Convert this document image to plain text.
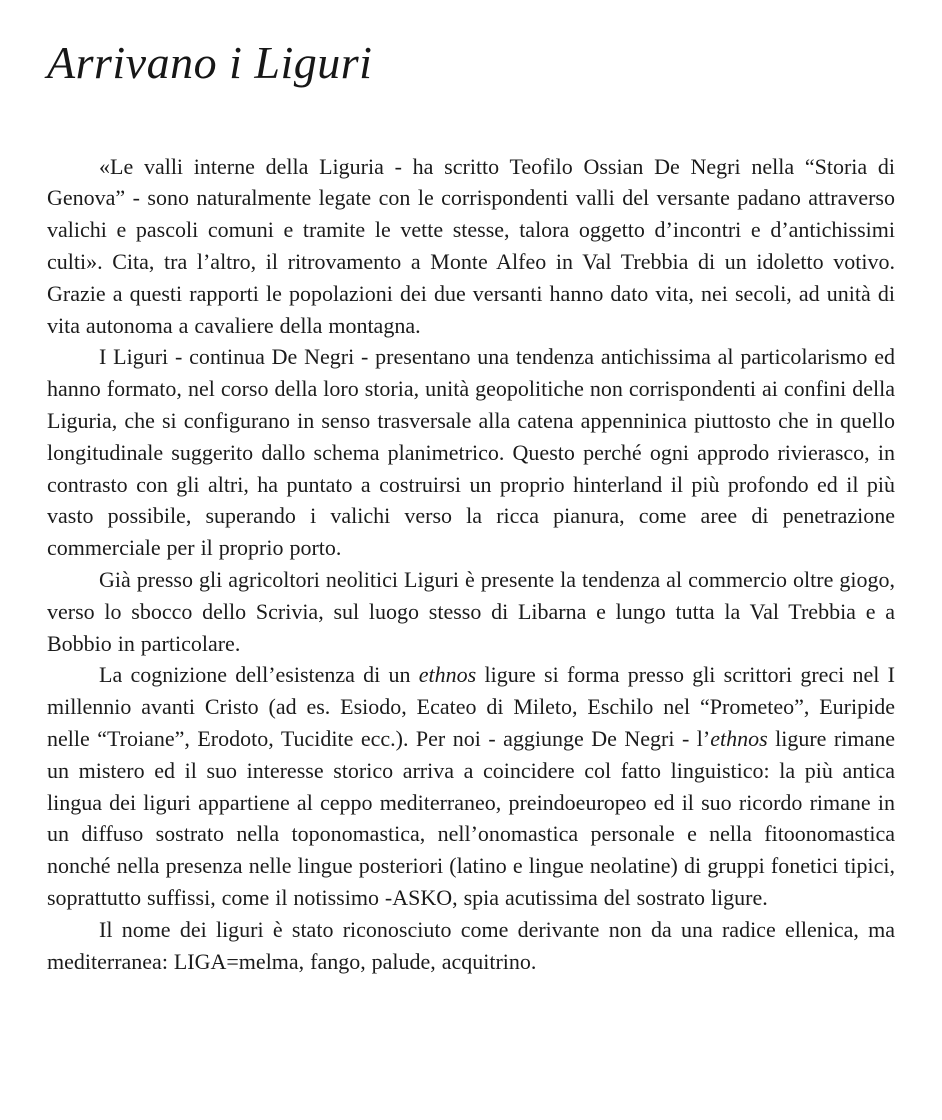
Arrivano i Liguri

«Le valli interne della Liguria - ha scritto Teofilo Ossian De Negri nella “Storia di Genova” - sono naturalmente legate con le corrispondenti valli del versante padano attraverso valichi e pascoli comuni e tramite le vette stesse, talora oggetto d’incontri e d’antichissimi culti». Cita, tra l’altro, il ritrovamento a Monte Alfeo in Val Trebbia di un idoletto votivo. Grazie a questi rapporti le popolazioni dei due versanti hanno dato vita, nei secoli, ad unità di vita autonoma a cavaliere della montagna.

I Liguri - continua De Negri - presentano una tendenza antichissima al particolarismo ed hanno formato, nel corso della loro storia, unità geopolitiche non corrispondenti ai confini della Liguria, che si configurano in senso trasversale alla catena appenninica piuttosto che in quello longitudinale suggerito dallo schema planimetrico. Questo perché ogni approdo rivierasco, in contrasto con gli altri, ha puntato a costruirsi un proprio hinterland il più profondo ed il più vasto possibile, superando i valichi verso la ricca pianura, come aree di penetrazione commerciale per il proprio porto.

Già presso gli agricoltori neolitici Liguri è presente la tendenza al commercio oltre giogo, verso lo sbocco dello Scrivia, sul luogo stesso di Libarna e lungo tutta la Val Trebbia e a Bobbio in particolare.

La cognizione dell’esistenza di un ethnos ligure si forma presso gli scrittori greci nel I millennio avanti Cristo (ad es. Esiodo, Ecateo di Mileto, Eschilo nel “Prometeo”, Euripide nelle “Troiane”, Erodoto, Tucidite ecc.). Per noi - aggiunge De Negri - l’ethnos ligure rimane un mistero ed il suo interesse storico arriva a coincidere col fatto linguistico: la più antica lingua dei liguri appartiene al ceppo mediterraneo, preindoeuropeo ed il suo ricordo rimane in un diffuso sostrato nella toponomastica, nell’onomastica personale e nella fitoonomastica nonché nella presenza nelle lingue posteriori (latino e lingue neolatine) di gruppi fonetici tipici, soprattutto suffissi, come il notissimo -ASKO, spia acutissima del sostrato ligure.

Il nome dei liguri è stato riconosciuto come derivante non da una radice ellenica, ma mediterranea: LIGA=melma, fango, palude, acquitrino.
